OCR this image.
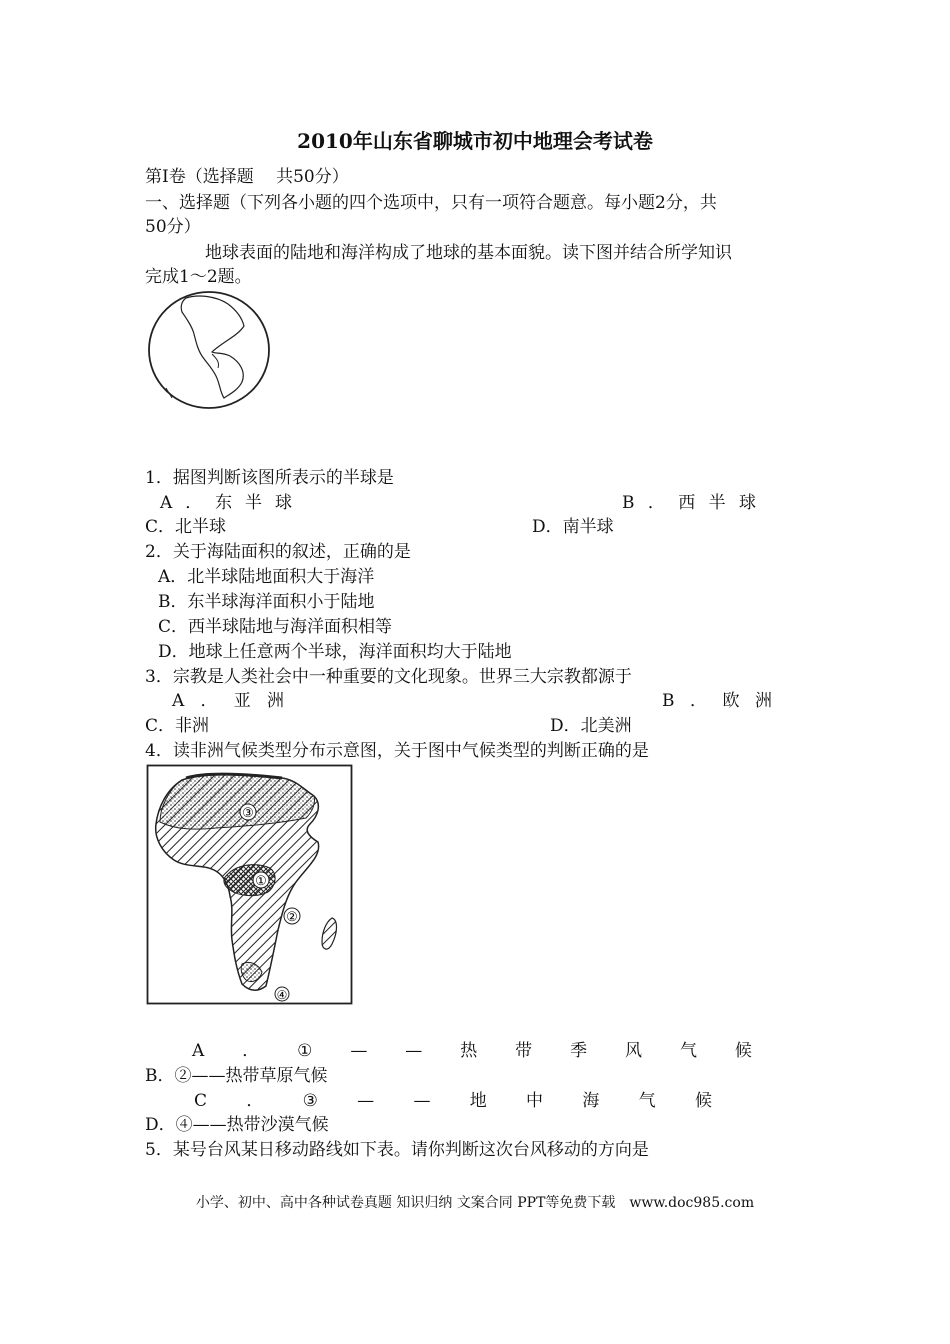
2010年山东省聊城市初中地理会考试卷
第Ⅰ卷（选择题　 共50分）
一、选择题（下列各小题的四个选项中，只有一项符合题意。每小题2分，共
50分）
地球表面的陆地和海洋构成了地球的基本面貌。读下图并结合所学知识
完成1～2题。
1．据图判断该图所表示的半球是
A ． 东 半 球	B ． 西 半 球
C．北半球	D．南半球
2．关于海陆面积的叙述，正确的是
A．北半球陆地面积大于海洋
B．东半球海洋面积小于陆地
C．西半球陆地与海洋面积相等
D．地球上任意两个半球，海洋面积均大于陆地
3．宗教是人类社会中一种重要的文化现象。世界三大宗教都源于
A ． 亚 洲	B ． 欧 洲
C．非洲	D．北美洲
4．读非洲气候类型分布示意图，关于图中气候类型的判断正确的是
③
①
②
④
A ． ① — — 热 带 季 风 气 候
B．②——热带草原气候
C ． ③ — — 地 中 海 气 候
D．④——热带沙漠气候
5．某号台风某日移动路线如下表。请你判断这次台风移动的方向是
小学、初中、高中各种试卷真题 知识归纳 文案合同 PPT等免费下载　www.doc985.com
